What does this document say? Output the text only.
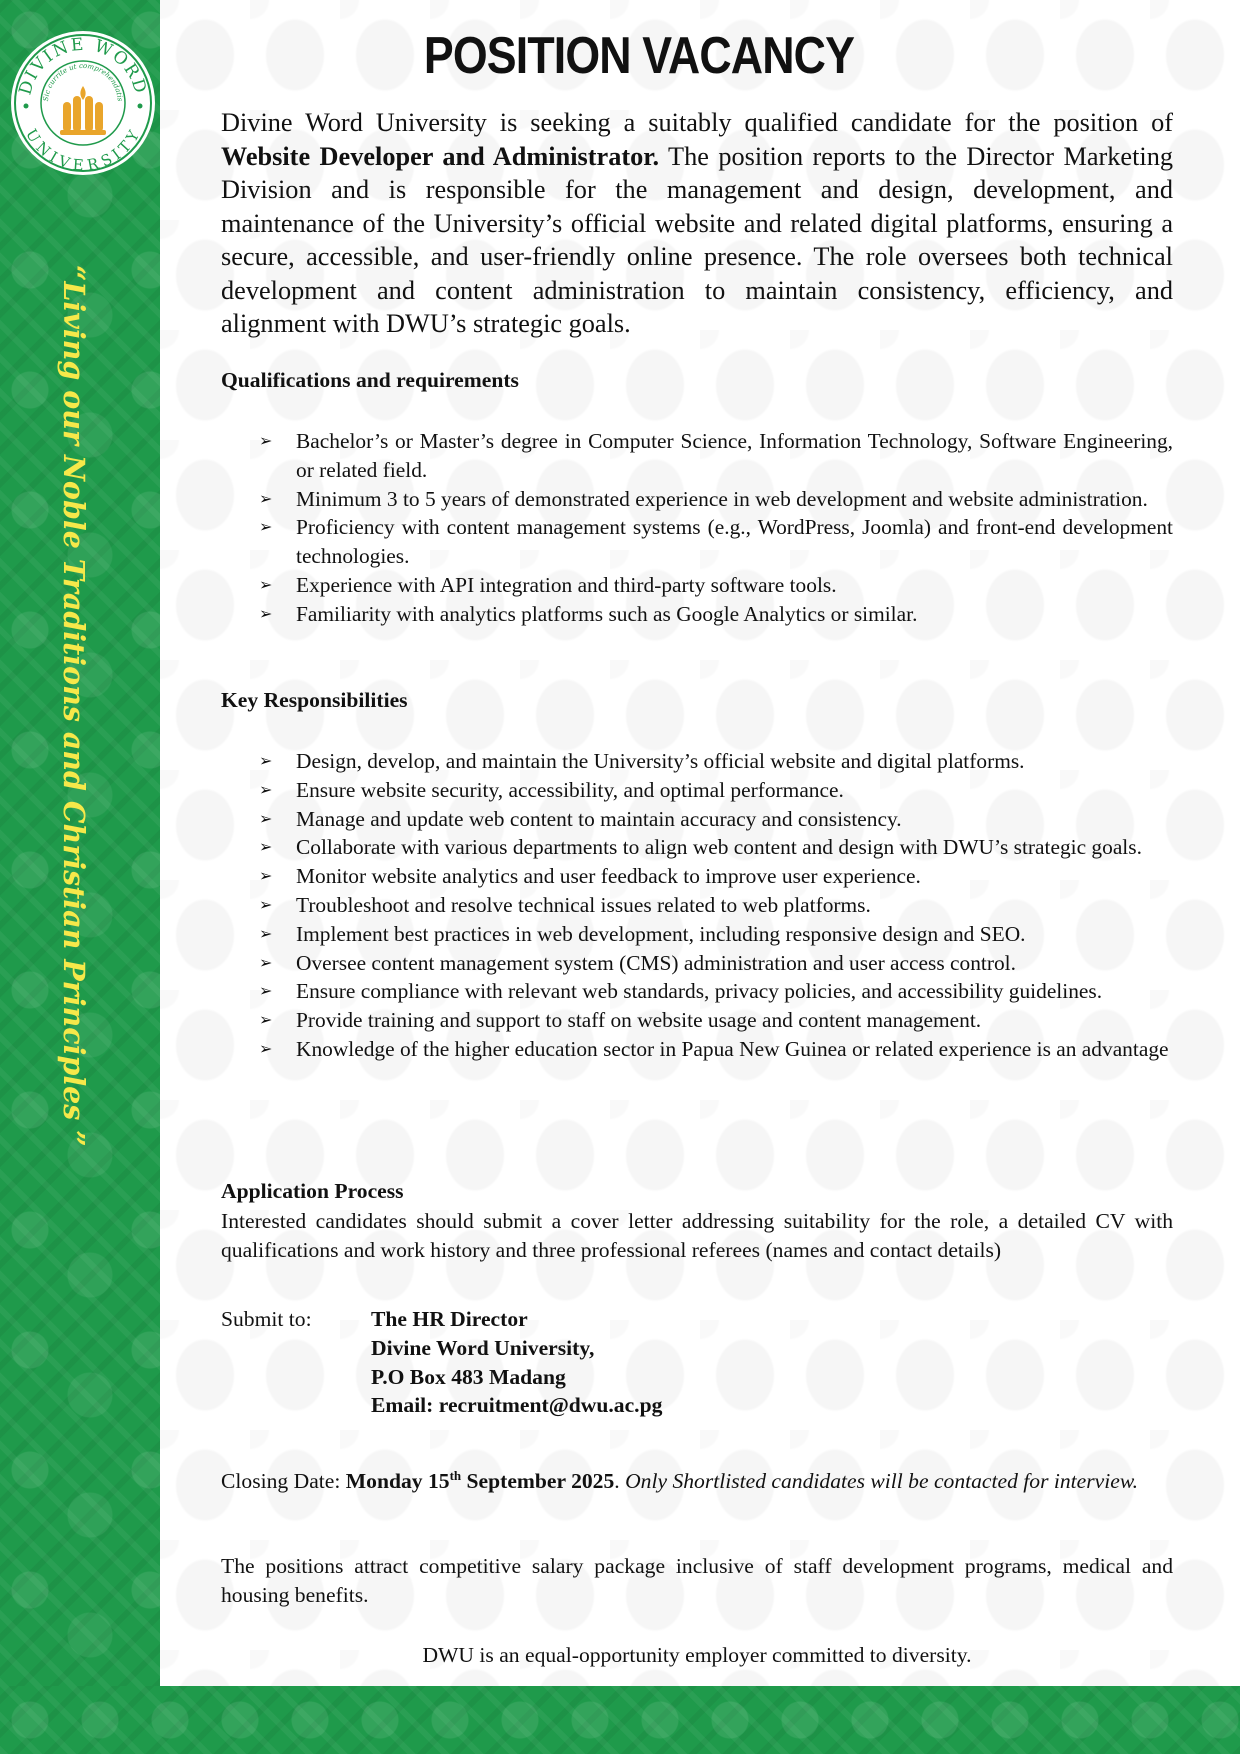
DIVINE WORD
UNIVERSITY
Sic currite ut comprehendatis
“Living our Noble Traditions and Christian Principles ”
POSITION VACANCY

Divine Word University is seeking a suitably qualified candidate for the position of Website Developer and Administrator. The position reports to the Director Marketing Division and is responsible for the management and design, development, and maintenance of the University’s official website and related digital platforms, ensuring a secure, accessible, and user-friendly online presence. The role oversees both technical development and content administration to maintain consistency, efficiency, and alignment with DWU’s strategic goals.

Qualifications and requirements

➢ Bachelor’s or Master’s degree in Computer Science, Information Technology, Software Engineering, or related field.
➢ Minimum 3 to 5 years of demonstrated experience in web development and website administration.
➢ Proficiency with content management systems (e.g., WordPress, Joomla) and front-end development technologies.
➢ Experience with API integration and third-party software tools.
➢ Familiarity with analytics platforms such as Google Analytics or similar.

Key Responsibilities

➢ Design, develop, and maintain the University’s official website and digital platforms.
➢ Ensure website security, accessibility, and optimal performance.
➢ Manage and update web content to maintain accuracy and consistency.
➢ Collaborate with various departments to align web content and design with DWU’s strategic goals.
➢ Monitor website analytics and user feedback to improve user experience.
➢ Troubleshoot and resolve technical issues related to web platforms.
➢ Implement best practices in web development, including responsive design and SEO.
➢ Oversee content management system (CMS) administration and user access control.
➢ Ensure compliance with relevant web standards, privacy policies, and accessibility guidelines.
➢ Provide training and support to staff on website usage and content management.
➢ Knowledge of the higher education sector in Papua New Guinea or related experience is an advantage

Application Process

Interested candidates should submit a cover letter addressing suitability for the role, a detailed CV with qualifications and work history and three professional referees (names and contact details)

Submit to:	The HR Director
Divine Word University,
P.O Box 483 Madang
Email: recruitment@dwu.ac.pg

Closing Date: Monday 15th September 2025. Only Shortlisted candidates will be contacted for interview.

The positions attract competitive salary package inclusive of staff development programs, medical and housing benefits.

DWU is an equal-opportunity employer committed to diversity.
